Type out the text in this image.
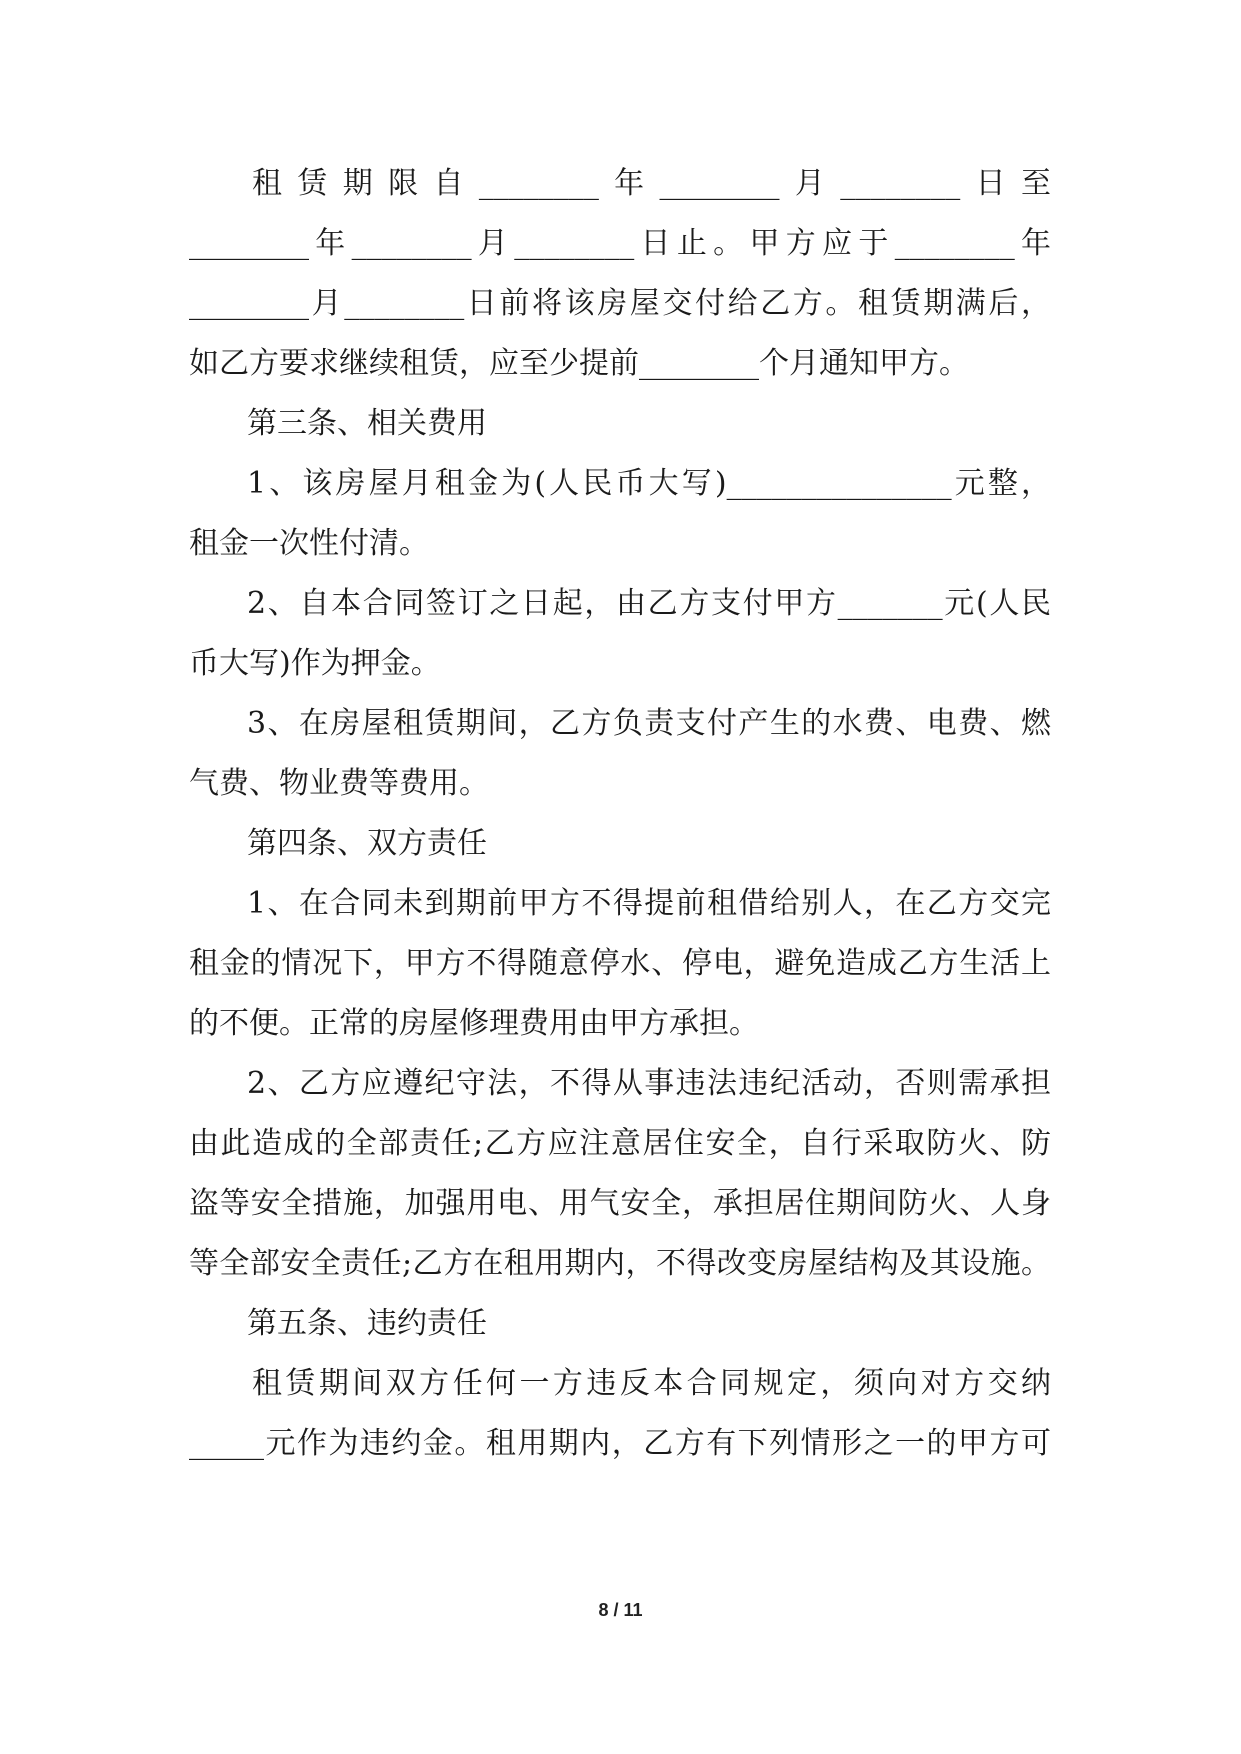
租赁期限自________年________月________日至
________年________月________日止。甲方应于________年
________月________日前将该房屋交付给乙方。租赁期满后，
如乙方要求继续租赁，应至少提前________个月通知甲方。
第三条、相关费用
1、该房屋月租金为(人民币大写)_______________元整，
租金一次性付清。
2、自本合同签订之日起，由乙方支付甲方_______元(人民
币大写)作为押金。
3、在房屋租赁期间，乙方负责支付产生的水费、电费、燃
气费、物业费等费用。
第四条、双方责任
1、在合同未到期前甲方不得提前租借给别人，在乙方交完
租金的情况下，甲方不得随意停水、停电，避免造成乙方生活上
的不便。正常的房屋修理费用由甲方承担。
2、乙方应遵纪守法，不得从事违法违纪活动，否则需承担
由此造成的全部责任;乙方应注意居住安全，自行采取防火、防
盗等安全措施，加强用电、用气安全，承担居住期间防火、人身
等全部安全责任;乙方在租用期内，不得改变房屋结构及其设施。
第五条、违约责任
租赁期间双方任何一方违反本合同规定，须向对方交纳
_____元作为违约金。租用期内，乙方有下列情形之一的甲方可
8 / 11
